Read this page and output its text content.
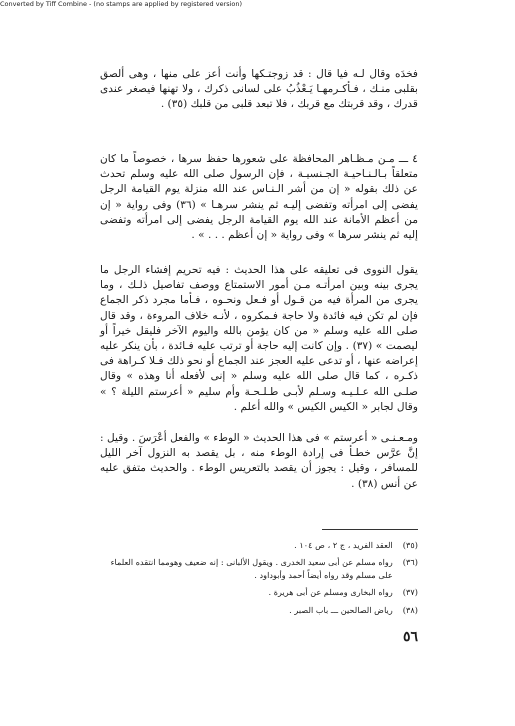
Converted by Tiff Combine - (no stamps are applied by registered version)

فخدَه وقال لـه فيا قال : قد زوجتـكها وأنت أعز على منها ، وهى ألصق بقلبى منـك ، فـأكـرمهـا يَـعْذُبُ على لسانى ذكرك ، ولا تهنها فيصغر عندى قدرك ، وقد قربتك مع قربك ، فلا تبعد قلبى من قلبك (٣٥) .

٤ ـــ مـن مـظـاهر المحافظة على شعورها حفظ سرها ، خصوصاً ما كان متعلقاً بـالـنـاحيـة الجـنسيـة ، فإن الرسول صلى الله عليه وسلم تحدث عن ذلك بقوله « إن من أشر الـنـاس عند الله منزلة يوم القيامة الرجل يفضى إلى امرأته وتفضى إليـه ثم ينشر سرهـا » (٣٦) وفى رواية « إن من أعظم الأمانة عند الله يوم القيامة الرجل يفضى إلى امرأته وتفضى إليه ثم ينشر سرها » وفى رواية « إن أعظم . . . » .

يقول النووى فى تعليقه على هذا الحديث : فيه تحريم إفشاء الرجل ما يجرى بينه وبين امرأتـه مـن أمور الاستمتاع ووصف تفاصيل ذلـك ، وما يجرى من المرأة فيه من قـول أو فـعل ونحـوه ، فـأما مجرد ذكر الجماع فإن لم تكن فيه فائدة ولا حاجة فـمكروه ، لأنـه خلاف المروءة ، وقد قال صلى الله عليه وسلم « من كان يؤمن بالله واليوم الآخر فليقل خيراً أو ليصمت » (٣٧) . وإن كانت إليه حاجة أو ترتب عليه فـائدة ، بأن ينكر عليه إعراضه عنها ، أو تدعى عليه العجز عند الجماع أو نحو ذلك فـلا كـراهة فى ذكـره ، كما قال صلى الله عليه وسلم « إنى لأفعله أنا وهذه » وقال صلـى الله عـلـيـه وسـلم لأبـى طـلـحـة وأم سليم « أعرستم الليلة ؟ » وقال لجابر « الكيس الكيس » والله أعلم .

ومـعـنـى « أعرستم » فى هذا الحديث « الوطء » والفعل أعْرَسَ . وقيل : إنَّ عرَّس خطـأ فى إرادة الوطء منه ، بل يقصد به النزول آخر الليل للمسافر ، وقيل : يجوز أن يقصد بالتعريس الوطء . والحديث متفق عليه عن أنس (٣٨) .

(٣٥)
العقد الفريد ، ج ٢ ، ص ١٠٤ .
(٣٦)
رواه مسلم عن أبى سعيد الخدرى . ويقول الألبانى : إنه ضعيف وهومما انتقده العلماء على مسلم وقد رواه أيضاً أحمد وأبوداود .
(٣٧)
رواه البخارى ومسلم عن أبى هريرة .
(٣٨)
رياض الصالحين ـــ باب الصبر .
٥٦
